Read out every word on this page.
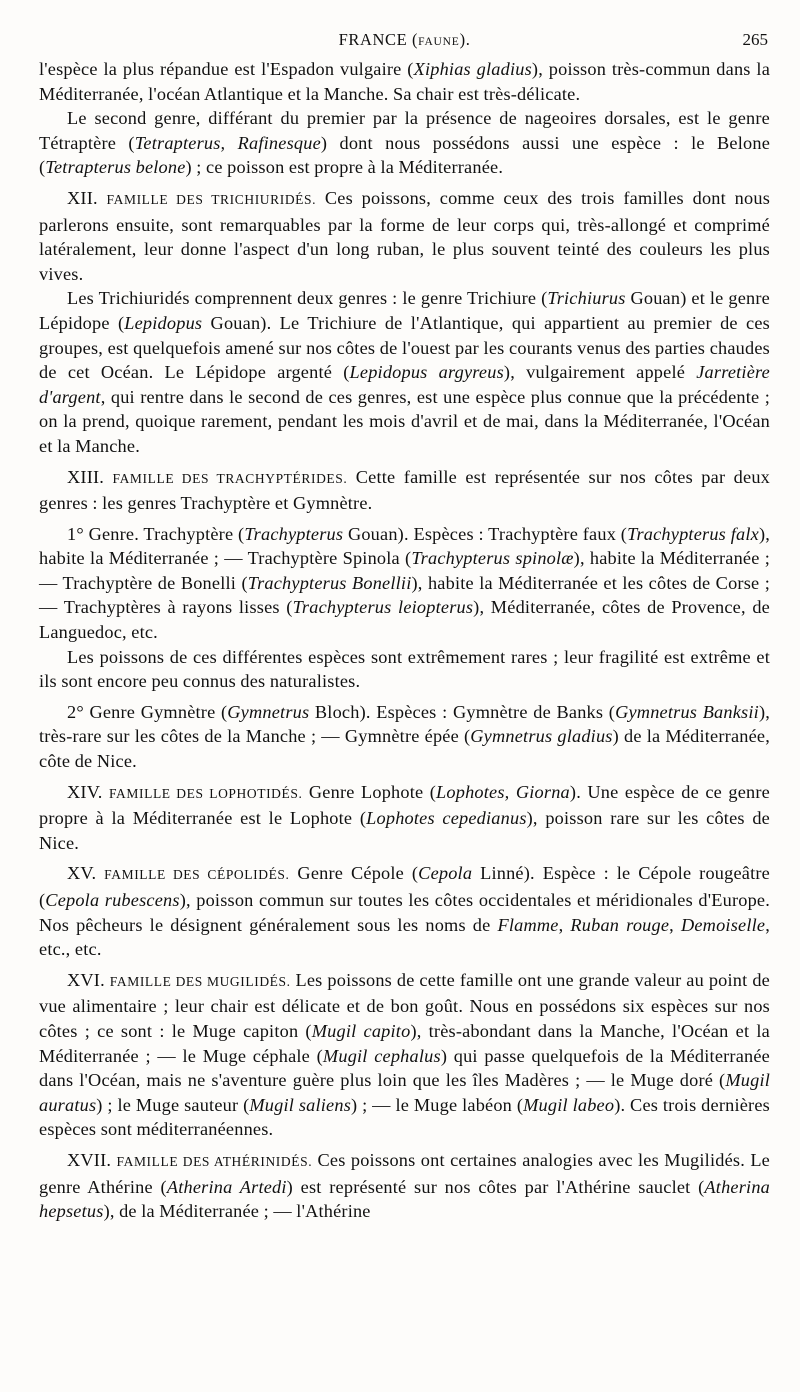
FRANCE (FAUNE).	265

l'espèce la plus répandue est l'Espadon vulgaire (Xiphias gladius), poisson très-commun dans la Méditerranée, l'océan Atlantique et la Manche. Sa chair est très-délicate.

Le second genre, différant du premier par la présence de nageoires dorsales, est le genre Tétraptère (Tetrapterus, Rafinesque) dont nous possédons aussi une espèce : le Belone (Tetrapterus belone) ; ce poisson est propre à la Méditerranée.

XII. FAMILLE DES TRICHIURIDÉS. Ces poissons, comme ceux des trois familles dont nous parlerons ensuite, sont remarquables par la forme de leur corps qui, très-allongé et comprimé latéralement, leur donne l'aspect d'un long ruban, le plus souvent teinté des couleurs les plus vives.

Les Trichiuridés comprennent deux genres : le genre Trichiure (Trichiurus Gouan) et le genre Lépidope (Lepidopus Gouan). Le Trichiure de l'Atlantique, qui appartient au premier de ces groupes, est quelquefois amené sur nos côtes de l'ouest par les courants venus des parties chaudes de cet Océan. Le Lépidope argenté (Lepidopus argyreus), vulgairement appelé Jarretière d'argent, qui rentre dans le second de ces genres, est une espèce plus connue que la précédente ; on la prend, quoique rarement, pendant les mois d'avril et de mai, dans la Méditerranée, l'Océan et la Manche.

XIII. FAMILLE DES TRACHYPTÉRIDES. Cette famille est représentée sur nos côtes par deux genres : les genres Trachyptère et Gymnètre.

1° Genre. Trachyptère (Trachypterus Gouan). Espèces : Trachyptère faux (Trachypterus falx), habite la Méditerranée ; — Trachyptère Spinola (Trachypterus spinolæ), habite la Méditerranée ; — Trachyptère de Bonelli (Trachypterus Bonellii), habite la Méditerranée et les côtes de Corse ; — Trachyptères à rayons lisses (Trachypterus leiopterus), Méditerranée, côtes de Provence, de Languedoc, etc.

Les poissons de ces différentes espèces sont extrêmement rares ; leur fragilité est extrême et ils sont encore peu connus des naturalistes.

2° Genre Gymnètre (Gymnetrus Bloch). Espèces : Gymnètre de Banks (Gymnetrus Banksii), très-rare sur les côtes de la Manche ; — Gymnètre épée (Gymnetrus gladius) de la Méditerranée, côte de Nice.

XIV. FAMILLE DES LOPHOTIDÉS. Genre Lophote (Lophotes, Giorna). Une espèce de ce genre propre à la Méditerranée est le Lophote (Lophotes cepedianus), poisson rare sur les côtes de Nice.

XV. FAMILLE DES CÉPOLIDÉS. Genre Cépole (Cepola Linné). Espèce : le Cépole rougeâtre (Cepola rubescens), poisson commun sur toutes les côtes occidentales et méridionales d'Europe. Nos pêcheurs le désignent généralement sous les noms de Flamme, Ruban rouge, Demoiselle, etc., etc.

XVI. FAMILLE DES MUGILIDÉS. Les poissons de cette famille ont une grande valeur au point de vue alimentaire ; leur chair est délicate et de bon goût. Nous en possédons six espèces sur nos côtes ; ce sont : le Muge capiton (Mugil capito), très-abondant dans la Manche, l'Océan et la Méditerranée ; — le Muge céphale (Mugil cephalus) qui passe quelquefois de la Méditerranée dans l'Océan, mais ne s'aventure guère plus loin que les îles Madères ; — le Muge doré (Mugil auratus) ; le Muge sauteur (Mugil saliens) ; — le Muge labéon (Mugil labeo). Ces trois dernières espèces sont méditerranéennes.

XVII. FAMILLE DES ATHÉRINIDÉS. Ces poissons ont certaines analogies avec les Mugilidés. Le genre Athérine (Atherina Artedi) est représenté sur nos côtes par l'Athérine sauclet (Atherina hepsetus), de la Méditerranée ; — l'Athérine
